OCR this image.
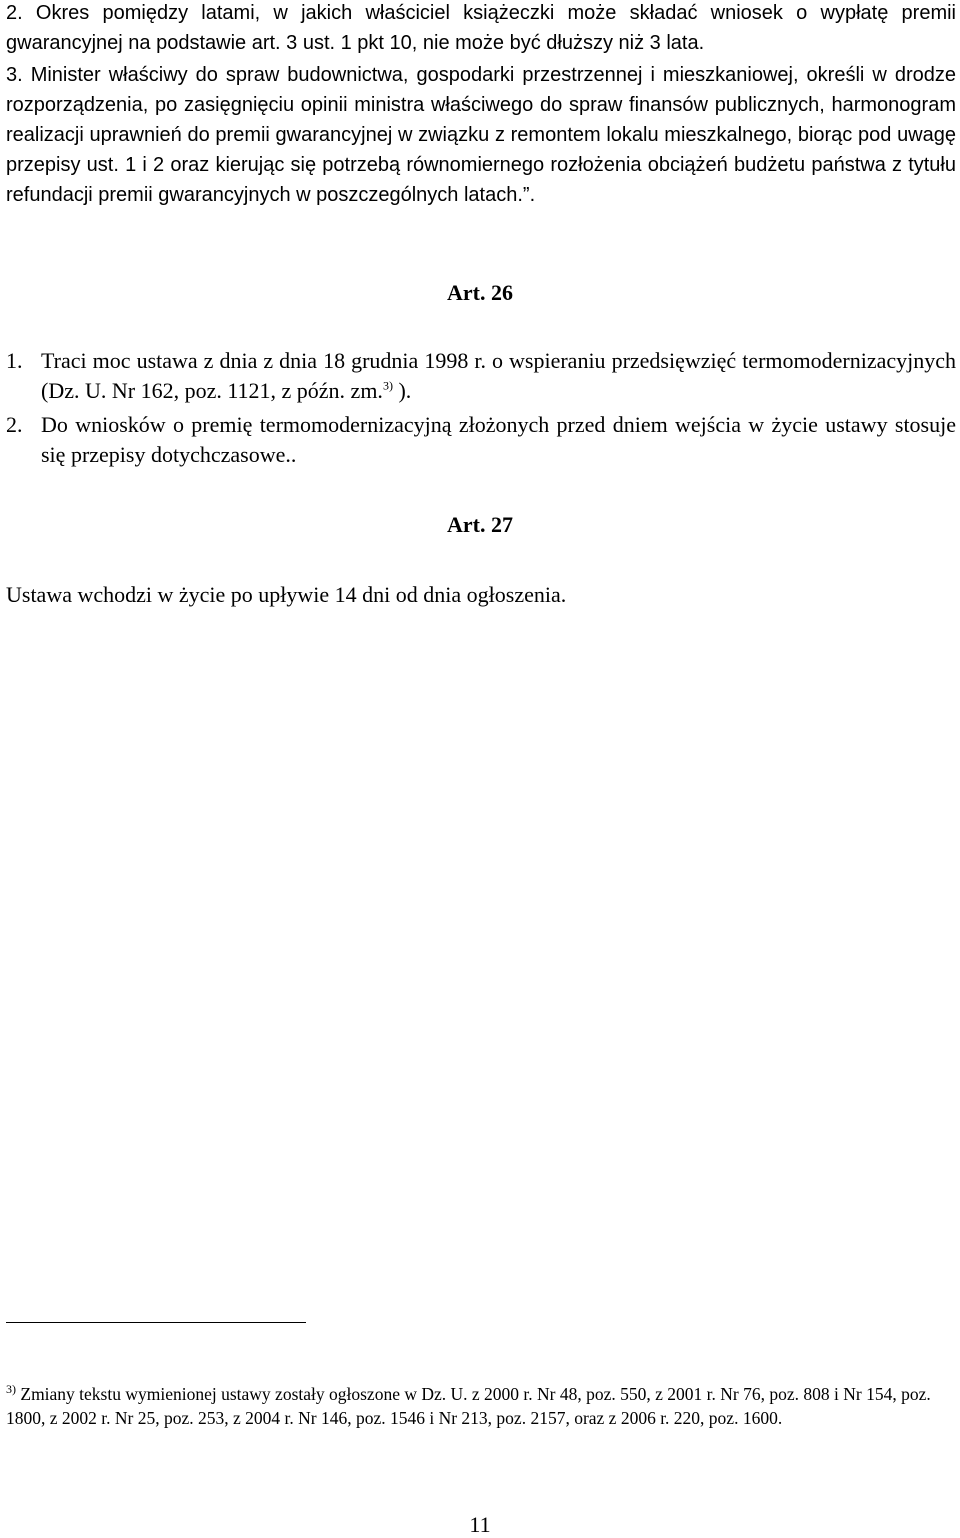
2. Okres pomiędzy latami, w jakich właściciel książeczki może składać wniosek o wypłatę premii gwarancyjnej na podstawie art. 3 ust. 1 pkt 10, nie może być dłuższy niż 3 lata.

3. Minister właściwy do spraw budownictwa, gospodarki przestrzennej i mieszkaniowej, określi w drodze rozporządzenia, po zasięgnięciu opinii ministra właściwego do spraw finansów publicznych, harmonogram realizacji uprawnień do premii gwarancyjnej w związku z remontem lokalu mieszkalnego, biorąc pod uwagę przepisy ust. 1 i 2 oraz kierując się potrzebą równomiernego rozłożenia obciążeń budżetu państwa z tytułu refundacji premii gwarancyjnych w poszczególnych latach.”.

Art. 26

1. Traci moc ustawa z dnia z dnia 18 grudnia 1998 r. o wspieraniu przedsięwzięć termomodernizacyjnych (Dz. U. Nr 162, poz. 1121, z późn. zm.$^{3)}$ ).
2. Do wniosków o premię termomodernizacyjną złożonych przed dniem wejścia w życie ustawy stosuje się przepisy dotychczasowe..

Art. 27

Ustawa wchodzi w życie po upływie 14 dni od dnia ogłoszenia.

$^{3)}$ Zmiany tekstu wymienionej ustawy zostały ogłoszone w Dz. U. z 2000 r. Nr 48, poz. 550, z 2001 r. Nr 76, poz. 808 i Nr 154, poz. 1800, z 2002 r. Nr 25, poz. 253, z 2004 r. Nr 146, poz. 1546 i Nr 213, poz. 2157, oraz z 2006 r. 220, poz. 1600.

11
